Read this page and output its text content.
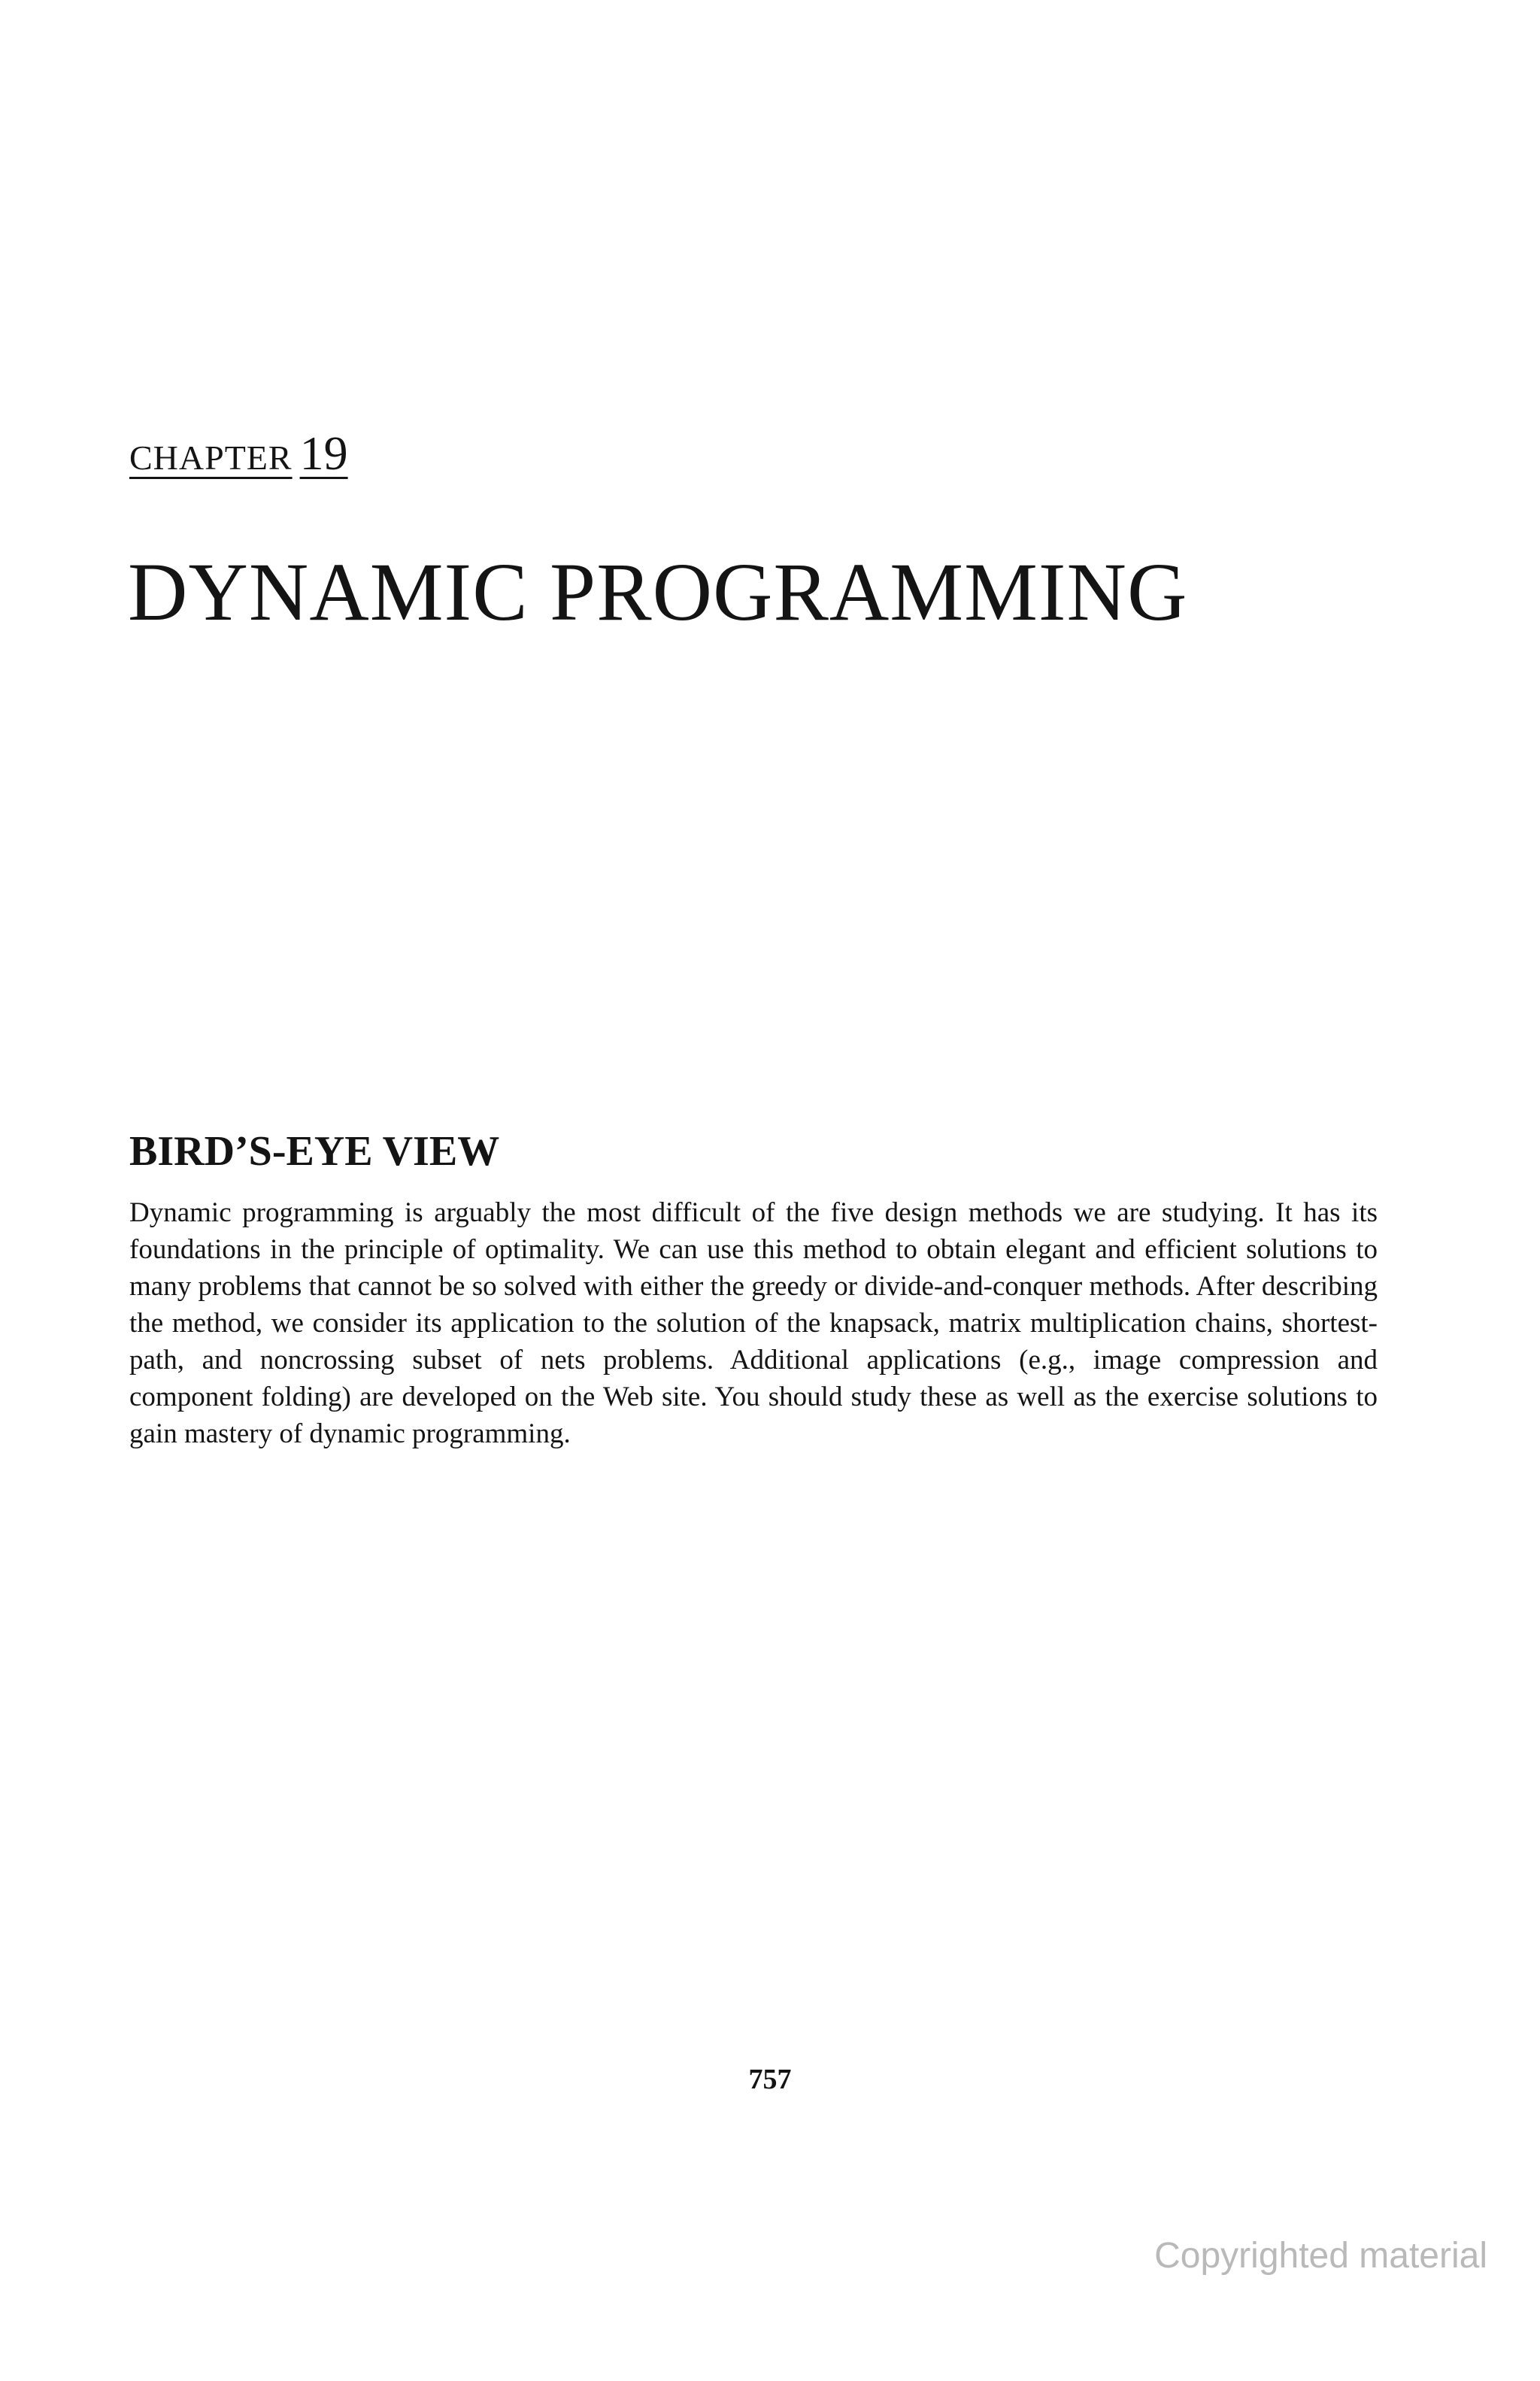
CHAPTER 19
DYNAMIC PROGRAMMING
BIRD’S-EYE VIEW

Dynamic programming is arguably the most difficult of the five design methods we are studying. It has its foundations in the principle of optimality. We can use this method to obtain elegant and efficient solutions to many problems that cannot be so solved with either the greedy or divide-and-conquer methods. After describing the method, we consider its application to the solution of the knapsack, matrix multiplication chains, shortest-path, and noncrossing subset of nets problems. Additional applications (e.g., image compression and component folding) are developed on the Web site. You should study these as well as the exercise solutions to gain mastery of dynamic programming.

757
Copyrighted material
